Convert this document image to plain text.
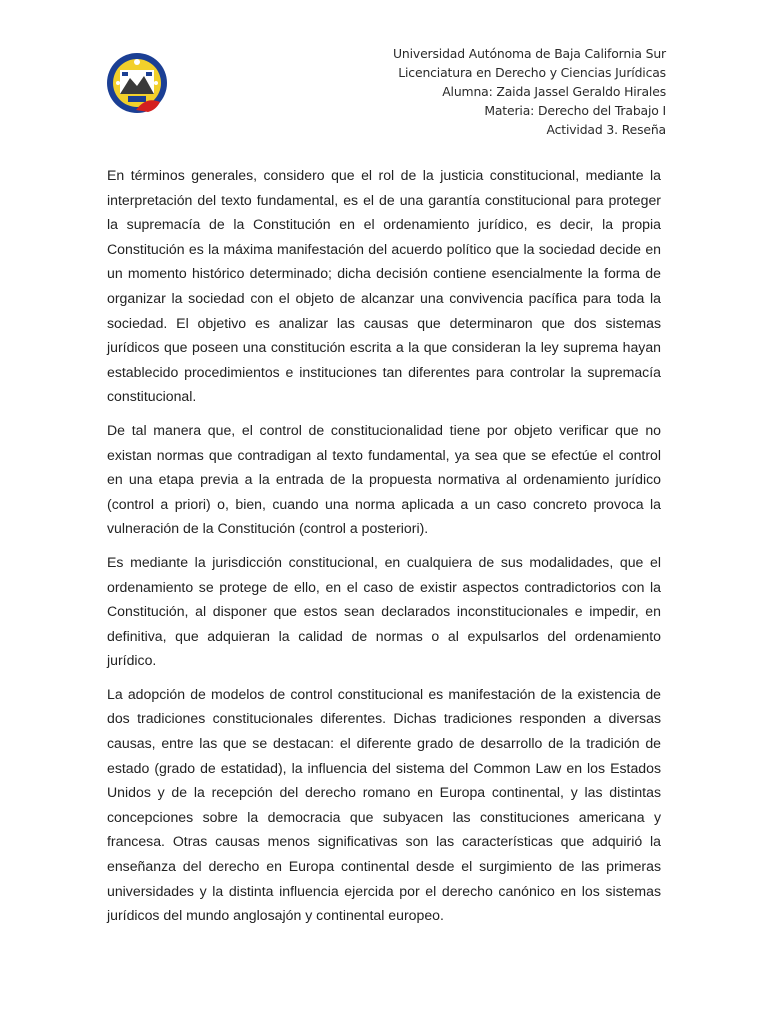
Universidad Autónoma de Baja California Sur
Licenciatura en Derecho y Ciencias Jurídicas
Alumna: Zaida Jassel Geraldo Hirales
Materia: Derecho del Trabajo I
Actividad 3. Reseña

En términos generales, considero que el rol de la justicia constitucional, mediante la interpretación del texto fundamental, es el de una garantía constitucional para proteger la supremacía de la Constitución en el ordenamiento jurídico, es decir, la propia Constitución es la máxima manifestación del acuerdo político que la sociedad decide en un momento histórico determinado; dicha decisión contiene esencialmente la forma de organizar la sociedad con el objeto de alcanzar una convivencia pacífica para toda la sociedad. El objetivo es analizar las causas que determinaron que dos sistemas jurídicos que poseen una constitución escrita a la que consideran la ley suprema hayan establecido procedimientos e instituciones tan diferentes para controlar la supremacía constitucional.

De tal manera que, el control de constitucionalidad tiene por objeto verificar que no existan normas que contradigan al texto fundamental, ya sea que se efectúe el control en una etapa previa a la entrada de la propuesta normativa al ordenamiento jurídico (control a priori) o, bien, cuando una norma aplicada a un caso concreto provoca la vulneración de la Constitución (control a posteriori).

Es mediante la jurisdicción constitucional, en cualquiera de sus modalidades, que el ordenamiento se protege de ello, en el caso de existir aspectos contradictorios con la Constitución, al disponer que estos sean declarados inconstitucionales e impedir, en definitiva, que adquieran la calidad de normas o al expulsarlos del ordenamiento jurídico.

La adopción de modelos de control constitucional es manifestación de la existencia de dos tradiciones constitucionales diferentes. Dichas tradiciones responden a diversas causas, entre las que se destacan: el diferente grado de desarrollo de la tradición de estado (grado de estatidad), la influencia del sistema del Common Law en los Estados Unidos y de la recepción del derecho romano en Europa continental, y las distintas concepciones sobre la democracia que subyacen las constituciones americana y francesa. Otras causas menos significativas son las características que adquirió la enseñanza del derecho en Europa continental desde el surgimiento de las primeras universidades y la distinta influencia ejercida por el derecho canónico en los sistemas jurídicos del mundo anglosajón y continental europeo.
